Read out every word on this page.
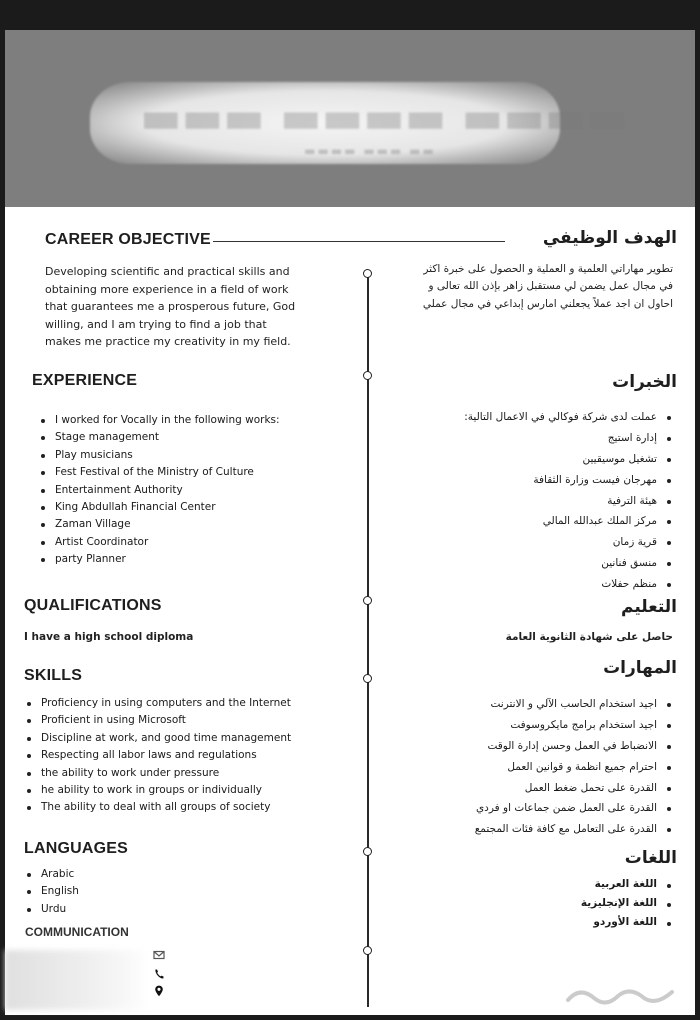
▬▬▬ ▬▬▬▬ ▬▬▬▬
▬▬▬▬ ▬▬▬ ▬▬
CAREER OBJECTIVE	الهدف الوظيفي
Developing scientific and practical skills and obtaining more experience in a field of work that guarantees me a prosperous future, God willing, and I am trying to find a job that makes me practice my creativity in my field.
تطوير مهاراتي العلمية و العملية و الحصول على خبرة اكثر في مجال عمل يضمن لي مستقبل زاهر بإذن الله تعالى و احاول ان اجد عملاً يجعلني امارس إبداعي في مجال عملي
EXPERIENCE	الخبرات
I worked for Vocally in the following works:
Stage management
Play musicians
Fest Festival of the Ministry of Culture
Entertainment Authority
King Abdullah Financial Center
Zaman Village
Artist Coordinator
party Planner
عملت لدى شركة فوكالي في الاعمال التالية:
إدارة استيج
تشغيل موسيقيين
مهرجان فيست وزارة الثقافة
هيئة الترفية
مركز الملك عبدالله المالي
قرية زمان
منسق فنانين
منظم حفلات
QUALIFICATIONS	التعليم
I have a high school diploma	حاصل على شهادة الثانوية العامة
SKILLS	المهارات
Proficiency in using computers and the Internet
Proficient in using Microsoft
Discipline at work, and good time management
Respecting all labor laws and regulations
the ability to work under pressure
he ability to work in groups or individually
The ability to deal with all groups of society
اجيد استخدام الحاسب الآلي و الانترنت
اجيد استخدام برامج مايكروسوفت
الانضباط في العمل وحسن إدارة الوقت
احترام جميع انظمة و قوانين العمل
القدرة على تحمل ضغط العمل
القدرة على العمل ضمن جماعات او فردي
القدرة على التعامل مع كافة فئات المجتمع
LANGUAGES	اللغات
Arabic
English
Urdu
اللغة العربية
اللغة الإنجليزية
اللغة الأوردو
COMMUNICATION
